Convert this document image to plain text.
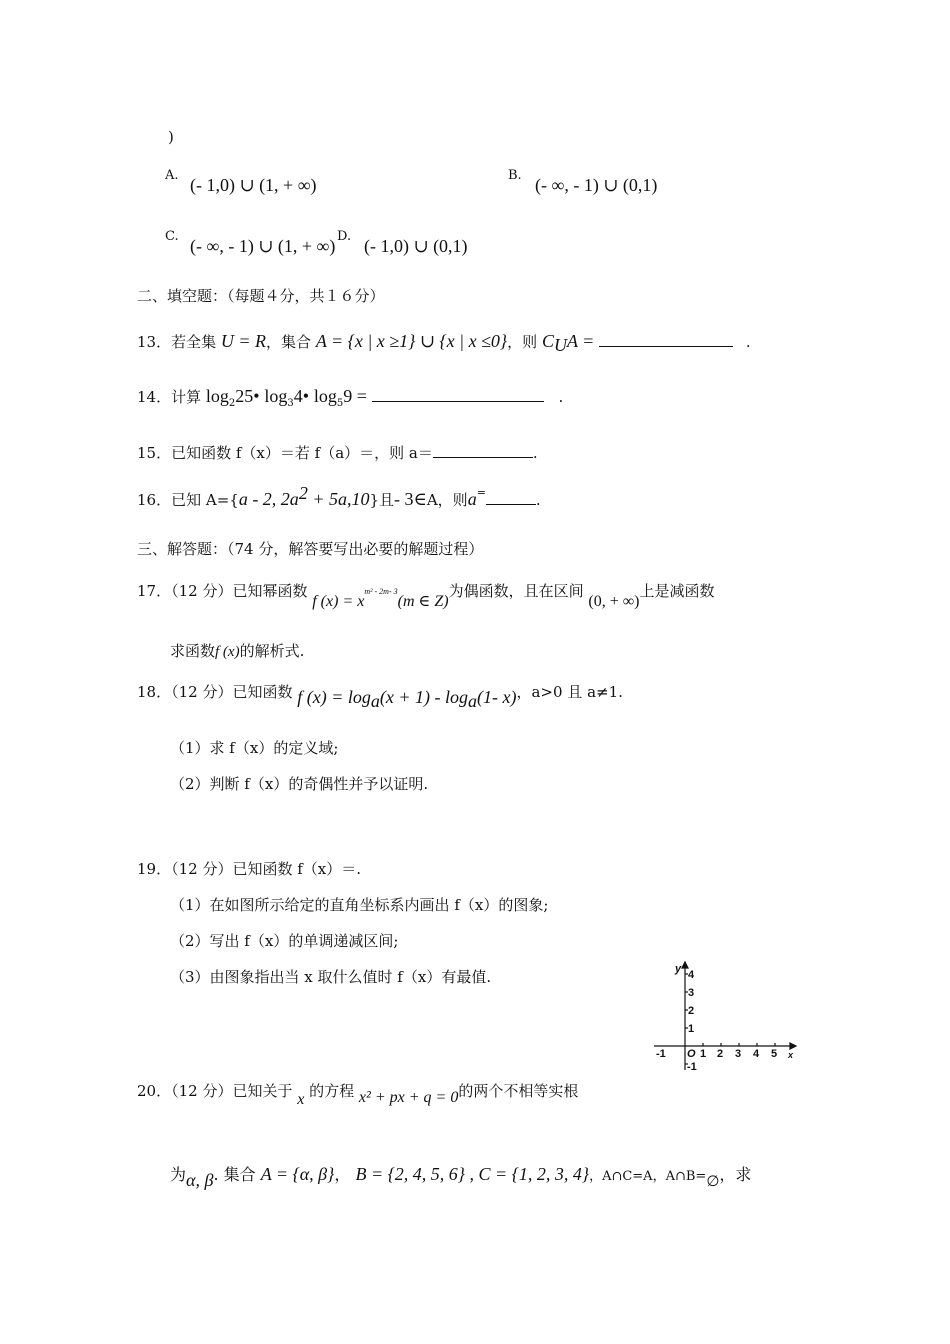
)
A. (- 1,0) ∪ (1, + ∞)	B. (- ∞, - 1) ∪ (0,1)
C. (- ∞, - 1) ∪ (1, + ∞) D. (- 1,0) ∪ (0,1)
二、填空题：（每题４分，共１６分）
13．若全集 U = R，集合 A = {x | x ≥1} ∪ {x | x ≤0}，则 $C_UA$ =	.
14．计算 $\log_225•$ $\log_34•$ $\log_59$ =	.
15．已知函数 f（x）＝若 f（a）＝，则 a＝	.
16．已知 A={a - 2, $2a^2 + 5a,10$}且- 3∈A，则a=	.
三、解答题：（74 分，解答要写出必要的解题过程）
17．（12 分）已知幂函数 f $(x) = x^{m^2 - 2m- 3}(m$ ∈ Z)为偶函数，且在区间 (0, + ∞)上是减函数
求函数f (x)的解析式.
18．（12 分）已知函数 f $(x) = \log_a(x + 1) - \log_a(1-$ x)，a>0 且 a≠1.
（1）求 f（x）的定义域;
（2）判断 f（x）的奇偶性并予以证明.
19．（12 分）已知函数 f（x）＝.
（1）在如图所示给定的直角坐标系内画出 f（x）的图象;
（2）写出 f（x）的单调递减区间;
（3）由图象指出当 x 取什么值时 f（x）有最值.	y
x
O
-1	1 2 3 4 5
4
3
2
1
-1
20．（12 分）已知关于 x 的方程 x² + px + q = 0的两个不相等实根
为α, β. 集合 A = {α, β}， B = {2, 4, 5, 6} , C = {1, 2, 3, 4}，A∩C=A，A∩B=∅，求
